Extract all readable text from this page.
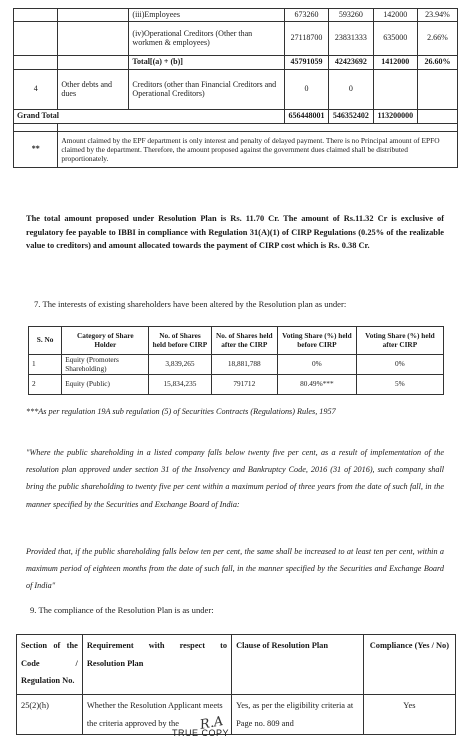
		(iii)Employees	673260	593260	142000	23.94%
		(iv)Operational Creditors (Other than workmen & employees)	27118700	23831333	635000	2.66%
		Total[(a) + (b)]	45791059	42423692	1412000	26.60%
4	Other debts and dues	Creditors (other than Financial Creditors and Operational Creditors)	0	0		
Grand Total			656448001	546352402	113200000	

**	Amount claimed by the EPF department is only interest and penalty of delayed payment. There is no Principal amount of EPFO claimed by the department. Therefore, the amount proposed against the government dues claimed shall be distributed proportionately.					
The total amount proposed under Resolution Plan is Rs. 11.70 Cr. The amount of Rs.11.32 Cr is exclusive of regulatory fee payable to IBBI in compliance with Regulation 31(A)(1) of CIRP Regulations (0.25% of the realizable value to creditors) and amount allocated towards the payment of CIRP cost which is Rs. 0.38 Cr.
7. The interests of existing shareholders have been altered by the Resolution plan as under:
S. No	Category of Share Holder	No. of Shares held before CIRP	No. of Shares held after the CIRP	Voting Share (%) held before CIRP	Voting Share (%) held after CIRP
1	Equity (Promoters Shareholding)	3,839,265	18,881,788	0%	0%
2	Equity (Public)	15,834,235	791712	80.49%***	5%
***As per regulation 19A sub regulation (5) of Securities Contracts (Regulations) Rules, 1957
"Where the public shareholding in a listed company falls below twenty five per cent, as a result of implementation of the resolution plan approved under section 31 of the Insolvency and Bankruptcy Code, 2016 (31 of 2016), such company shall bring the public shareholding to twenty five per cent within a maximum period of three years from the date of such fall, in the manner specified by the Securities and Exchange Board of India:
Provided that, if the public shareholding falls below ten per cent, the same shall be increased to at least ten per cent, within a maximum period of eighteen months from the date of such fall, in the manner specified by the Securities and Exchange Board of India"
9. The compliance of the Resolution Plan is as under:
Section of the Code / Regulation No.	Requirement with respect to Resolution Plan	Clause of Resolution Plan	Compliance (Yes / No)
25(2)(h)	Whether the Resolution Applicant meets the criteria approved by the	Yes, as per the eligibility criteria at Page no. 809 and	Yes
TRUE COPY
R.A
